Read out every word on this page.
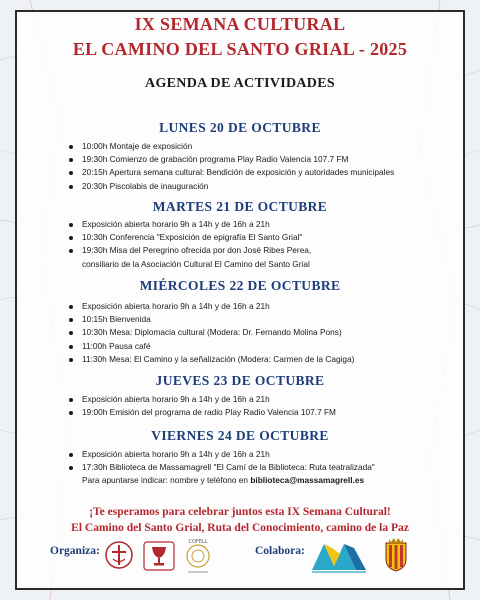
IX SEMANA CULTURAL
EL CAMINO DEL SANTO GRIAL - 2025
AGENDA DE ACTIVIDADES
LUNES 20 DE OCTUBRE
10:00h Montaje de exposición
19:30h Comienzo de grabación programa Play Radio Valencia 107.7 FM
20:15h Apertura semana cultural: Bendición de exposición y autoridades municipales
20:30h Piscolabis de inauguración
MARTES 21 DE OCTUBRE
Exposición abierta horario 9h a 14h y de 16h a 21h
10:30h Conferencia "Exposición de epigrafía El Santo Grial"
19:30h Misa del Peregrino ofrecida por don José Ribes Perea,
consiliario de la Asociación Cultural El Camino del Santo Grial
MIÉRCOLES 22 DE OCTUBRE
Exposición abierta horario 9h a 14h y de 16h a 21h
10:15h Bienvenida
10:30h Mesa: Diplomacia cultural (Modera: Dr. Fernando Molina Pons)
11:00h Pausa café
11:30h Mesa: El Camino y la señalización (Modera: Carmen de la Cagiga)
JUEVES 23 DE OCTUBRE
Exposición abierta horario 9h a 14h y de 16h a 21h
19:00h Emisión del programa de radio Play Radio Valencia 107.7 FM
VIERNES 24 DE OCTUBRE
Exposición abierta horario 9h a 14h y de 16h a 21h
17:30h Biblioteca de Massamagrell "El Camí de la Biblioteca: Ruta teatralizada"
Para apuntarse indicar: nombre y teléfono en biblioteca@massamagrell.es
¡Te esperamos para celebrar juntos esta IX Semana Cultural!
El Camino del Santo Grial, Ruta del Conocimiento, camino de la Paz
Organiza:	Colabora:
COFELL
